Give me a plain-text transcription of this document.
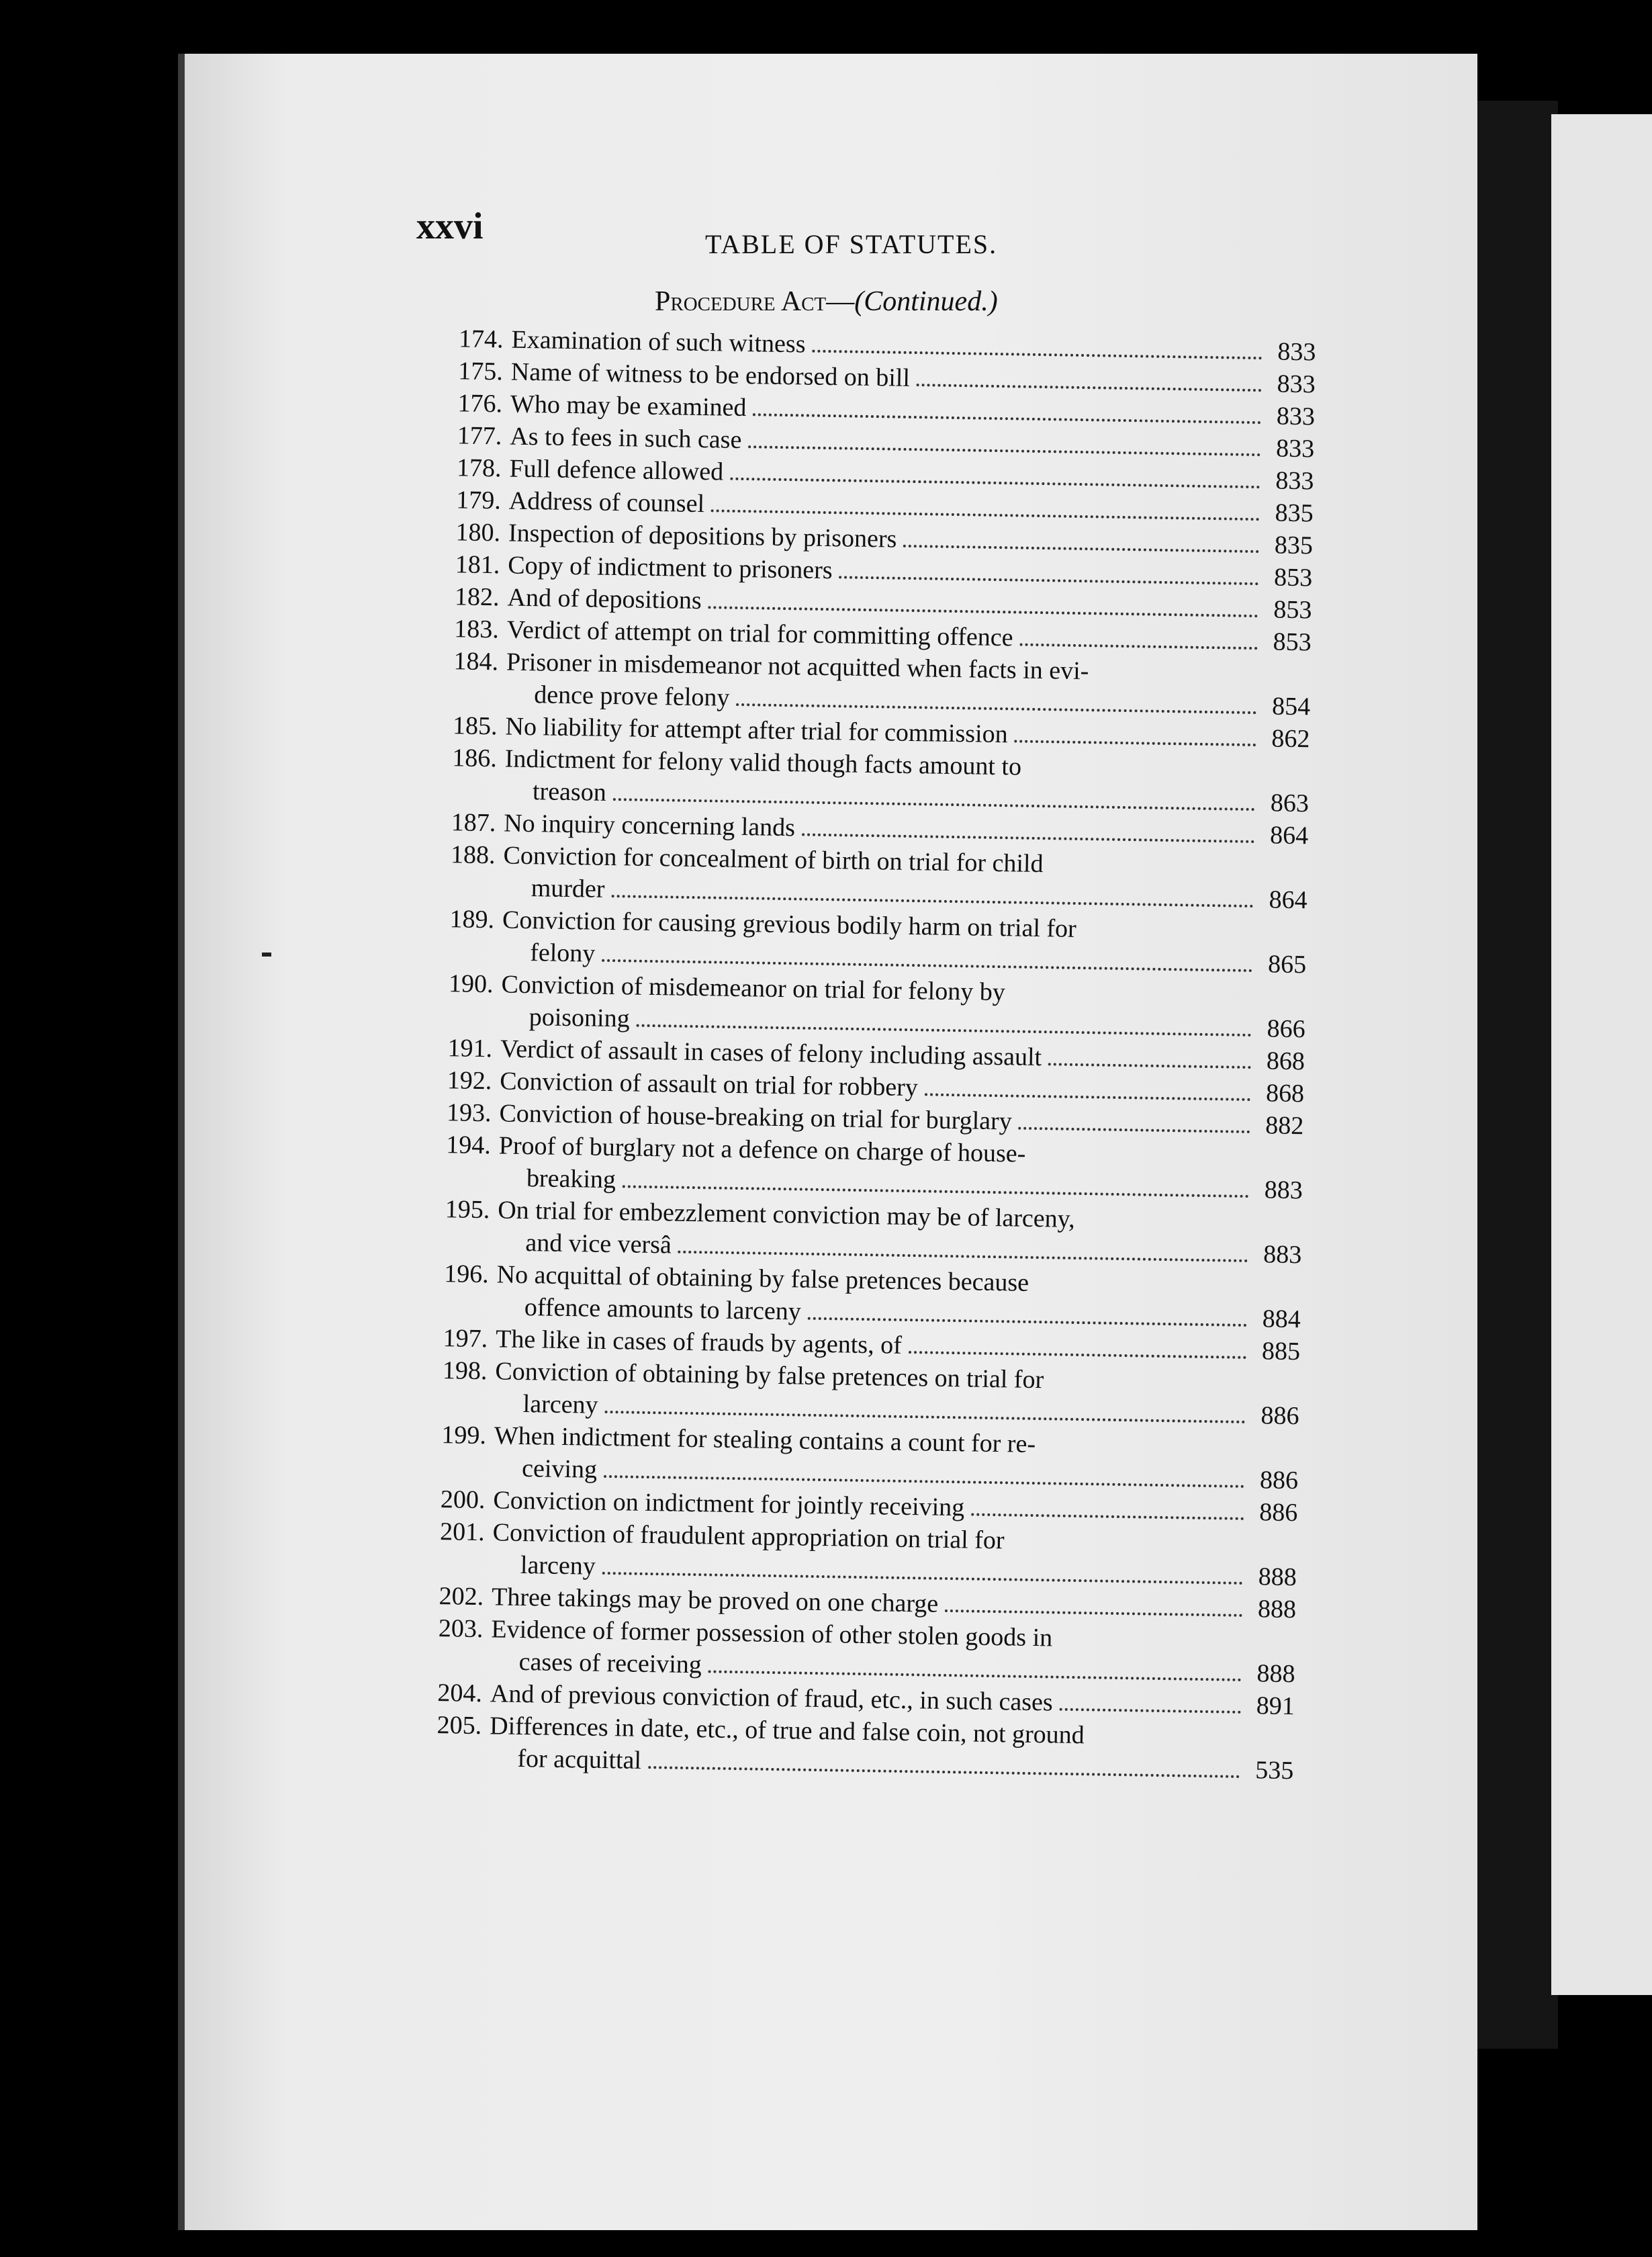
xxvi	TABLE OF STATUTES.
Procedure Act—(Continued.)
174. Examination of such witness	833
175. Name of witness to be endorsed on bill	833
176. Who may be examined	833
177. As to fees in such case	833
178. Full defence allowed	833
179. Address of counsel	835
180. Inspection of depositions by prisoners	835
181. Copy of indictment to prisoners	853
182. And of depositions	853
183. Verdict of attempt on trial for committing offence	853
184. Prisoner in misdemeanor not acquitted when facts in evi-
dence prove felony	854
185. No liability for attempt after trial for commission	862
186. Indictment for felony valid though facts amount to
treason	863
187. No inquiry concerning lands	864
188. Conviction for concealment of birth on trial for child
murder	864
189. Conviction for causing grevious bodily harm on trial for
felony	865
190. Conviction of misdemeanor on trial for felony by
poisoning	866
191. Verdict of assault in cases of felony including assault	868
192. Conviction of assault on trial for robbery	868
193. Conviction of house-breaking on trial for burglary	882
194. Proof of burglary not a defence on charge of house-
breaking	883
195. On trial for embezzlement conviction may be of larceny,
and vice versâ	883
196. No acquittal of obtaining by false pretences because
offence amounts to larceny	884
197. The like in cases of frauds by agents, of	885
198. Conviction of obtaining by false pretences on trial for
larceny	886
199. When indictment for stealing contains a count for re-
ceiving	886
200. Conviction on indictment for jointly receiving	886
201. Conviction of fraudulent appropriation on trial for
larceny	888
202. Three takings may be proved on one charge	888
203. Evidence of former possession of other stolen goods in
cases of receiving	888
204. And of previous conviction of fraud, etc., in such cases	891
205. Differences in date, etc., of true and false coin, not ground
for acquittal	535
